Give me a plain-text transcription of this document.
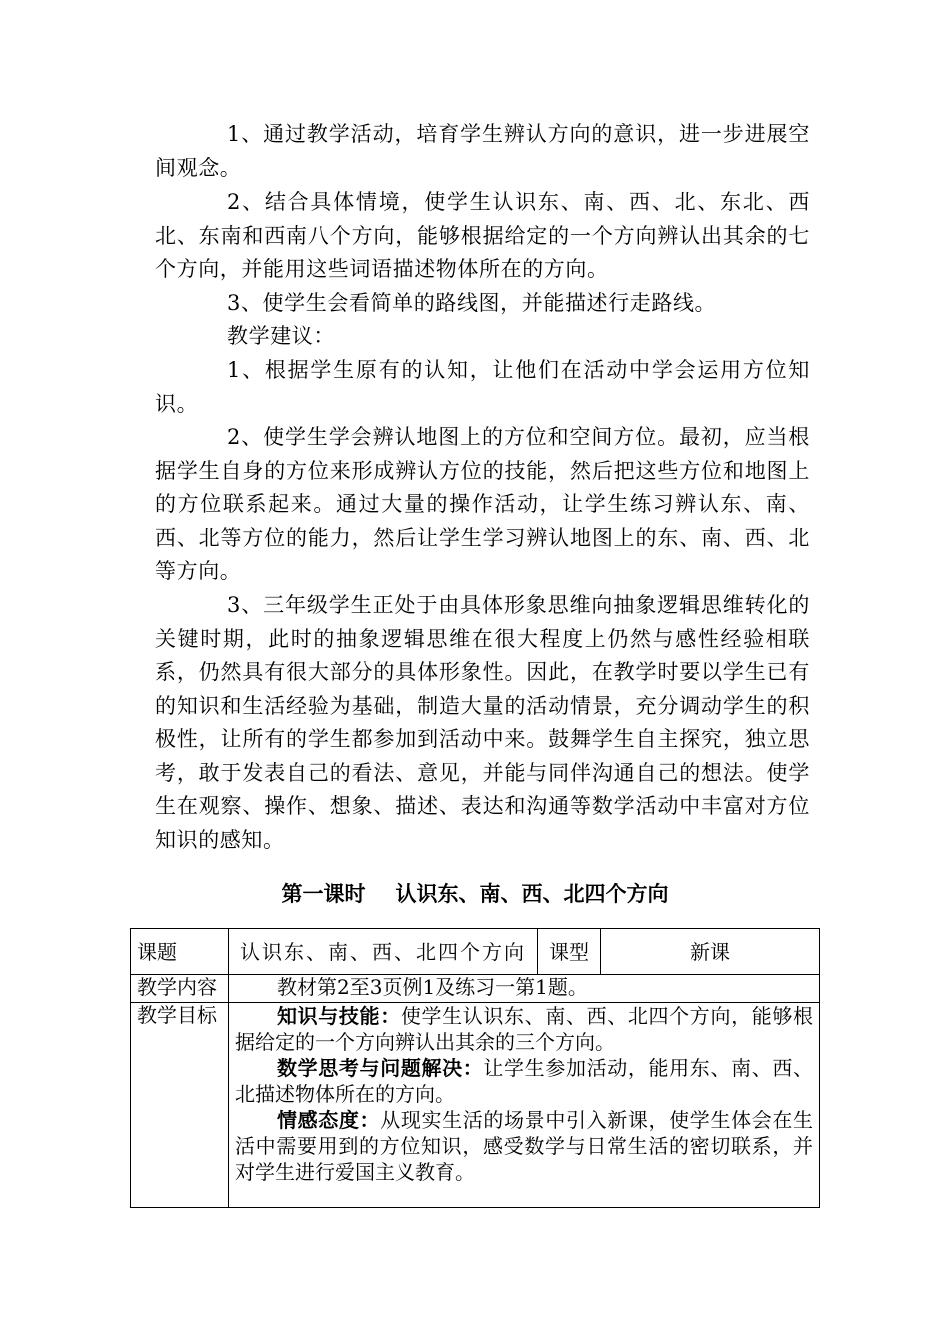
1、通过教学活动，培育学生辨认方向的意识，进一步进展空间观念。

2、结合具体情境，使学生认识东、南、西、北、东北、西北、东南和西南八个方向，能够根据给定的一个方向辨认出其余的七个方向，并能用这些词语描述物体所在的方向。

3、使学生会看简单的路线图，并能描述行走路线。

教学建议：

1、根据学生原有的认知，让他们在活动中学会运用方位知识。

2、使学生学会辨认地图上的方位和空间方位。最初，应当根据学生自身的方位来形成辨认方位的技能，然后把这些方位和地图上的方位联系起来。通过大量的操作活动，让学生练习辨认东、南、西、北等方位的能力，然后让学生学习辨认地图上的东、南、西、北等方向。

3、三年级学生正处于由具体形象思维向抽象逻辑思维转化的关键时期，此时的抽象逻辑思维在很大程度上仍然与感性经验相联系，仍然具有很大部分的具体形象性。因此，在教学时要以学生已有的知识和生活经验为基础，制造大量的活动情景，充分调动学生的积极性，让所有的学生都参加到活动中来。鼓舞学生自主探究，独立思考，敢于发表自己的看法、意见，并能与同伴沟通自己的想法。使学生在观察、操作、想象、描述、表达和沟通等数学活动中丰富对方位知识的感知。

第一课时 认识东、南、西、北四个方向
课题	认识东、南、西、北四个方向	课型	新课
教学内容	教材第2至3页例1及练习一第1题。		
教学目标	知识与技能：使学生认识东、南、西、北四个方向，能够根据给定的一个方向辨认出其余的三个方向。

数学思考与问题解决：让学生参加活动，能用东、南、西、北描述物体所在的方向。

情感态度：从现实生活的场景中引入新课，使学生体会在生活中需要用到的方位知识，感受数学与日常生活的密切联系，并对学生进行爱国主义教育。		
